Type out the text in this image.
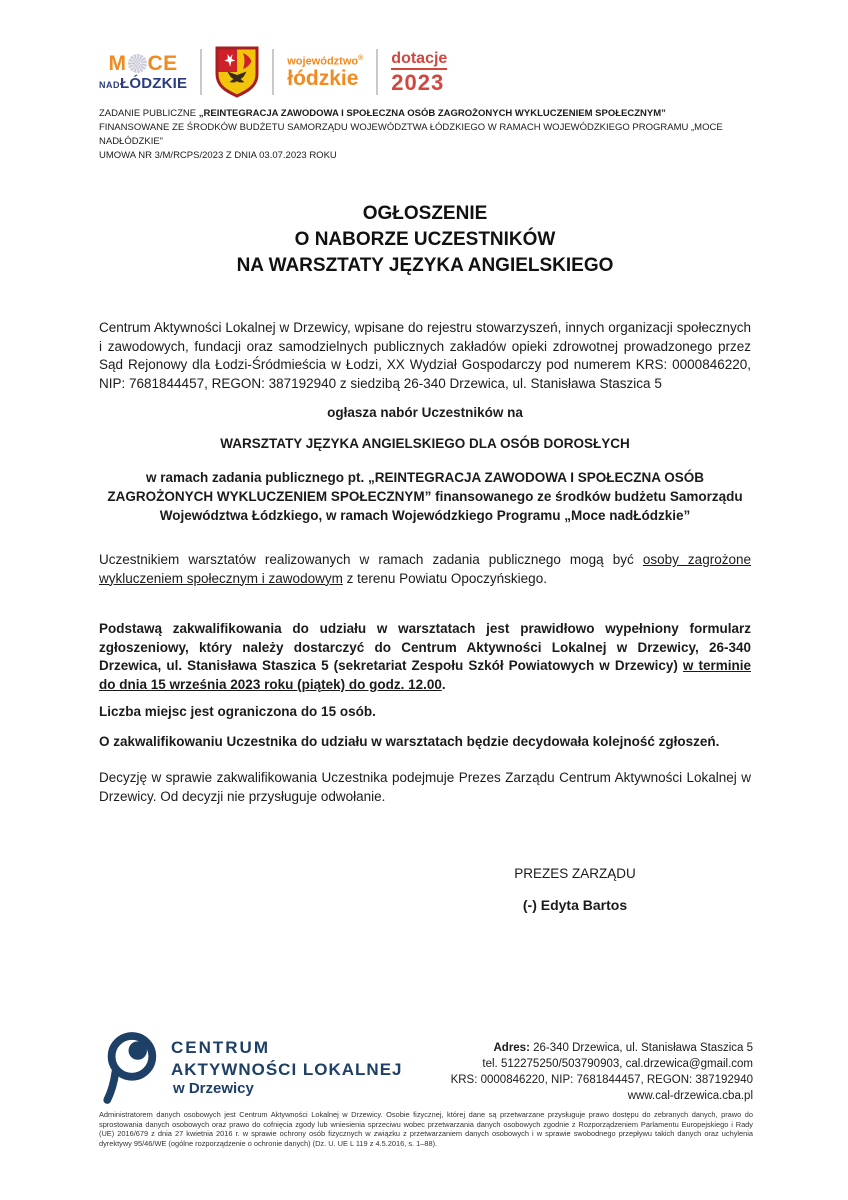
M CE
NAD ŁÓDZKIE
województwo®
łódzkie
dotacje
2023
ZADANIE PUBLICZNE „REINTEGRACJA ZAWODOWA I SPOŁECZNA OSÓB ZAGROŻONYCH WYKLUCZENIEM SPOŁECZNYM”
FINANSOWANE ZE ŚRODKÓW BUDŻETU SAMORZĄDU WOJEWÓDZTWA ŁÓDZKIEGO W RAMACH WOJEWÓDZKIEGO PROGRAMU „MOCE NADŁÓDZKIE”
UMOWA NR 3/M/RCPS/2023 Z DNIA 03.07.2023 ROKU
OGŁOSZENIE
O NABORZE UCZESTNIKÓW
NA WARSZTATY JĘZYKA ANGIELSKIEGO
Centrum Aktywności Lokalnej w Drzewicy, wpisane do rejestru stowarzyszeń, innych organizacji społecznych i zawodowych, fundacji oraz samodzielnych publicznych zakładów opieki zdrowotnej prowadzonego przez Sąd Rejonowy dla Łodzi-Śródmieścia w Łodzi, XX Wydział Gospodarczy pod numerem KRS: 0000846220, NIP: 7681844457, REGON: 387192940 z siedzibą 26-340 Drzewica, ul. Stanisława Staszica 5
ogłasza nabór Uczestników na
WARSZTATY JĘZYKA ANGIELSKIEGO DLA OSÓB DOROSŁYCH
w ramach zadania publicznego pt. „REINTEGRACJA ZAWODOWA I SPOŁECZNA OSÓB ZAGROŻONYCH WYKLUCZENIEM SPOŁECZNYM” finansowanego ze środków budżetu Samorządu Województwa Łódzkiego, w ramach Wojewódzkiego Programu „Moce nadŁódzkie”
Uczestnikiem warsztatów realizowanych w ramach zadania publicznego mogą być osoby zagrożone wykluczeniem społecznym i zawodowym z terenu Powiatu Opoczyńskiego.
Podstawą zakwalifikowania do udziału w warsztatach jest prawidłowo wypełniony formularz zgłoszeniowy, który należy dostarczyć do Centrum Aktywności Lokalnej w Drzewicy, 26-340 Drzewica, ul. Stanisława Staszica 5 (sekretariat Zespołu Szkół Powiatowych w Drzewicy) w terminie do dnia 15 września 2023 roku (piątek) do godz. 12.00.
Liczba miejsc jest ograniczona do 15 osób.
O zakwalifikowaniu Uczestnika do udziału w warsztatach będzie decydowała kolejność zgłoszeń.
Decyzję w sprawie zakwalifikowania Uczestnika podejmuje Prezes Zarządu Centrum Aktywności Lokalnej w Drzewicy. Od decyzji nie przysługuje odwołanie.
PREZES ZARZĄDU
(-) Edyta Bartos
CENTRUM
AKTYWNOŚCI LOKALNEJ
w Drzewicy
Adres: 26-340 Drzewica, ul. Stanisława Staszica 5
tel. 512275250/503790903, cal.drzewica@gmail.com
KRS: 0000846220, NIP: 7681844457, REGON: 387192940
www.cal-drzewica.cba.pl
Administratorem danych osobowych jest Centrum Aktywności Lokalnej w Drzewicy. Osobie fizycznej, której dane są przetwarzane przysługuje prawo dostępu do zebranych danych, prawo do sprostowania danych osobowych oraz prawo do cofnięcia zgody lub wniesienia sprzeciwu wobec przetwarzania danych osobowych zgodnie z Rozporządzeniem Parlamentu Europejskiego i Rady (UE) 2016/679 z dnia 27 kwietnia 2016 r. w sprawie ochrony osób fizycznych w związku z przetwarzaniem danych osobowych i w sprawie swobodnego przepływu takich danych oraz uchylenia dyrektywy 95/46/WE (ogólne rozporządzenie o ochronie danych) (Dz. U. UE L 119 z 4.5.2016, s. 1–88).
